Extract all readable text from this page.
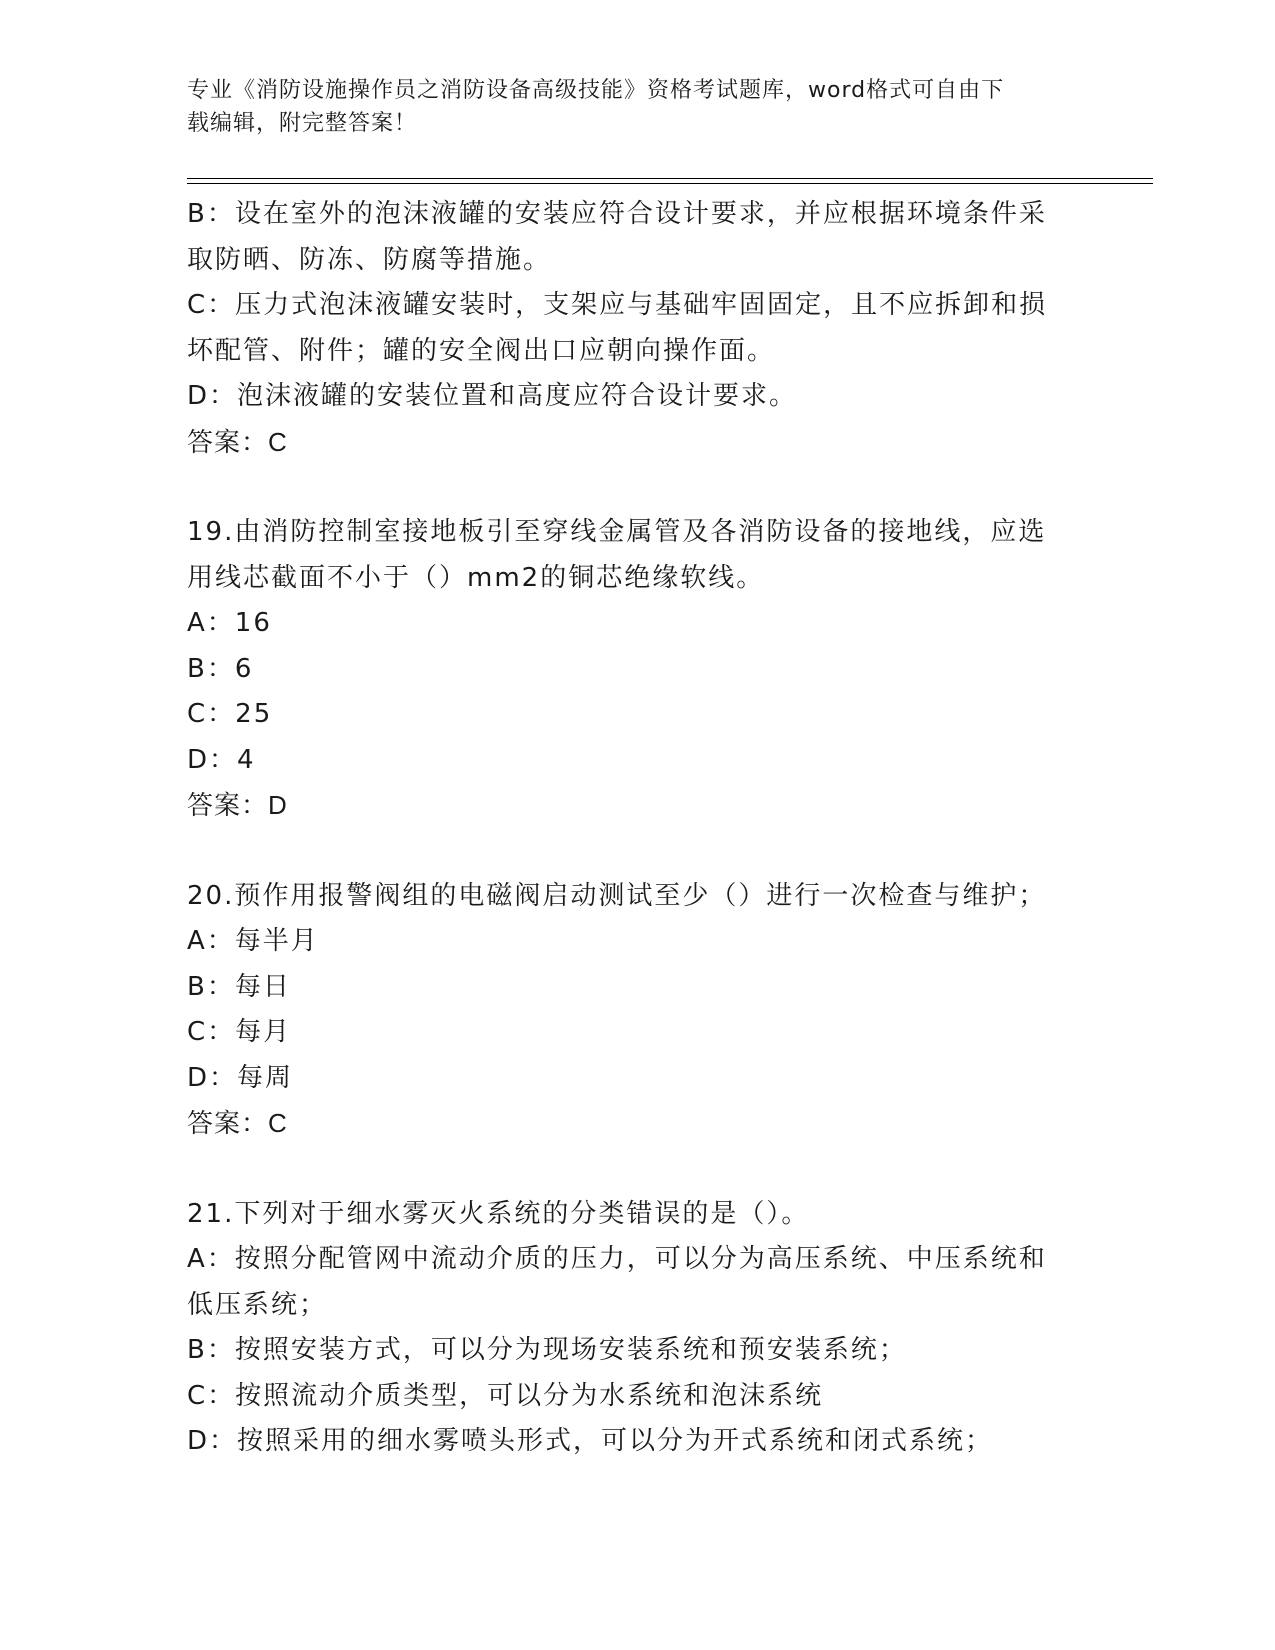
专业《消防设施操作员之消防设备高级技能》资格考试题库，word格式可自由下
载编辑，附完整答案！
B：设在室外的泡沫液罐的安装应符合设计要求，并应根据环境条件采
取防晒、防冻、防腐等措施。
C：压力式泡沫液罐安装时，支架应与基础牢固固定，且不应拆卸和损
坏配管、附件；罐的安全阀出口应朝向操作面。
D：泡沫液罐的安装位置和高度应符合设计要求。
答案：C
19.由消防控制室接地板引至穿线金属管及各消防设备的接地线，应选
用线芯截面不小于（）mm2的铜芯绝缘软线。
A：16
B：6
C：25
D：4
答案：D
20.预作用报警阀组的电磁阀启动测试至少（）进行一次检查与维护；
A：每半月
B：每日
C：每月
D：每周
答案：C
21.下列对于细水雾灭火系统的分类错误的是（）。
A：按照分配管网中流动介质的压力，可以分为高压系统、中压系统和
低压系统；
B：按照安装方式，可以分为现场安装系统和预安装系统；
C：按照流动介质类型，可以分为水系统和泡沫系统
D：按照采用的细水雾喷头形式，可以分为开式系统和闭式系统；
